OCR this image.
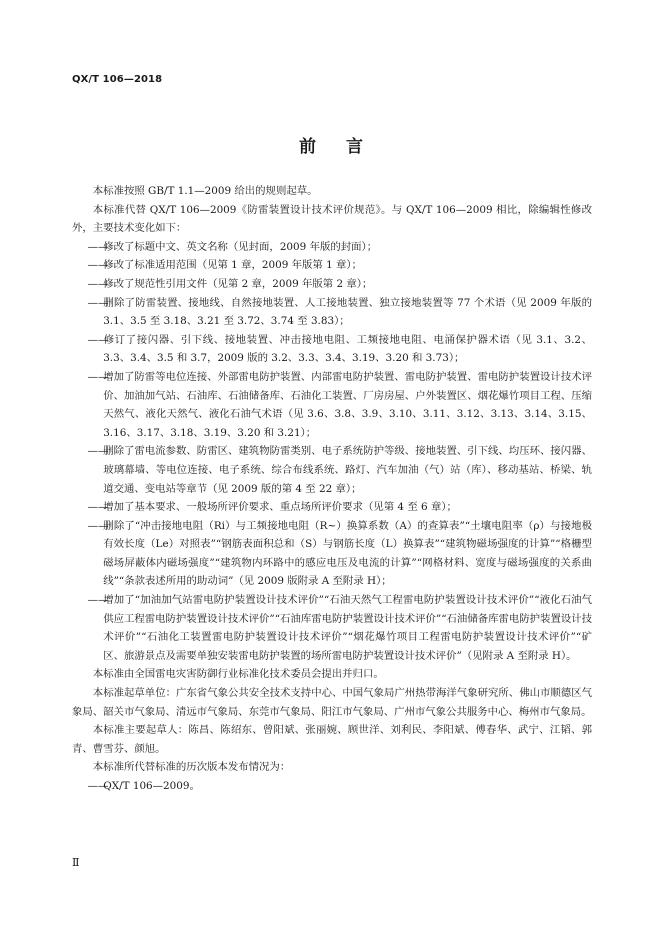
QX/T 106—2018
前言

本标准按照 GB/T 1.1—2009 给出的规则起草。

本标准代替 QX/T 106—2009《防雷装置设计技术评价规范》。与 QX/T 106—2009 相比，除编辑性修改外，主要技术变化如下：

——修改了标题中文、英文名称（见封面，2009 年版的封面）；
——修改了标准适用范围（见第 1 章，2009 年版第 1 章）；
——修改了规范性引用文件（见第 2 章，2009 年版第 2 章）；
——删除了防雷装置、接地线、自然接地装置、人工接地装置、独立接地装置等 77 个术语（见 2009 年版的 3.1、3.5 至 3.18、3.21 至 3.72、3.74 至 3.83）；
——修订了接闪器、引下线、接地装置、冲击接地电阻、工频接地电阻、电涌保护器术语（见 3.1、3.2、3.3、3.4、3.5 和 3.7，2009 版的 3.2、3.3、3.4、3.19、3.20 和 3.73）；
——增加了防雷等电位连接、外部雷电防护装置、内部雷电防护装置、雷电防护装置、雷电防护装置设计技术评价、加油加气站、石油库、石油储备库、石油化工装置、厂房房屋、户外装置区、烟花爆竹项目工程、压缩天然气、液化天然气、液化石油气术语（见 3.6、3.8、3.9、3.10、3.11、3.12、3.13、3.14、3.15、3.16、3.17、3.18、3.19、3.20 和 3.21）；
——删除了雷电流参数、防雷区、建筑物防雷类别、电子系统防护等级、接地装置、引下线、均压环、接闪器、玻璃幕墙、等电位连接、电子系统、综合布线系统、路灯、汽车加油（气）站（库）、移动基站、桥梁、轨道交通、变电站等章节（见 2009 版的第 4 至 22 章）；
——增加了基本要求、一般场所评价要求、重点场所评价要求（见第 4 至 6 章）；
——删除了“冲击接地电阻（Ri）与工频接地电阻（R~）换算系数（A）的查算表”“土壤电阻率（ρ）与接地极有效长度（Le）对照表”“钢筋表面积总和（S）与钢筋长度（L）换算表”“建筑物磁场强度的计算”“格栅型磁场屏蔽体内磁场强度”“建筑物内环路中的感应电压及电流的计算”“网格材料、宽度与磁场强度的关系曲线”“条款表述所用的助动词”（见 2009 版附录 A 至附录 H）；
——增加了“加油加气站雷电防护装置设计技术评价”“石油天然气工程雷电防护装置设计技术评价”“液化石油气供应工程雷电防护装置设计技术评价”“石油库雷电防护装置设计技术评价”“石油储备库雷电防护装置设计技术评价”“石油化工装置雷电防护装置设计技术评价”“烟花爆竹项目工程雷电防护装置设计技术评价”“矿区、旅游景点及需要单独安装雷电防护装置的场所雷电防护装置设计技术评价”（见附录 A 至附录 H）。

本标准由全国雷电灾害防御行业标准化技术委员会提出并归口。

本标准起草单位：广东省气象公共安全技术支持中心、中国气象局广州热带海洋气象研究所、佛山市顺德区气象局、韶关市气象局、清远市气象局、东莞市气象局、阳江市气象局、广州市气象公共服务中心、梅州市气象局。

本标准主要起草人：陈昌、陈绍东、曾阳斌、张丽婉、顾世洋、刘利民、李阳斌、傅春华、武宁、江韬、郭青、曹雪芬、颜旭。

本标准所代替标准的历次版本发布情况为：

——QX/T 106—2009。

Ⅱ
